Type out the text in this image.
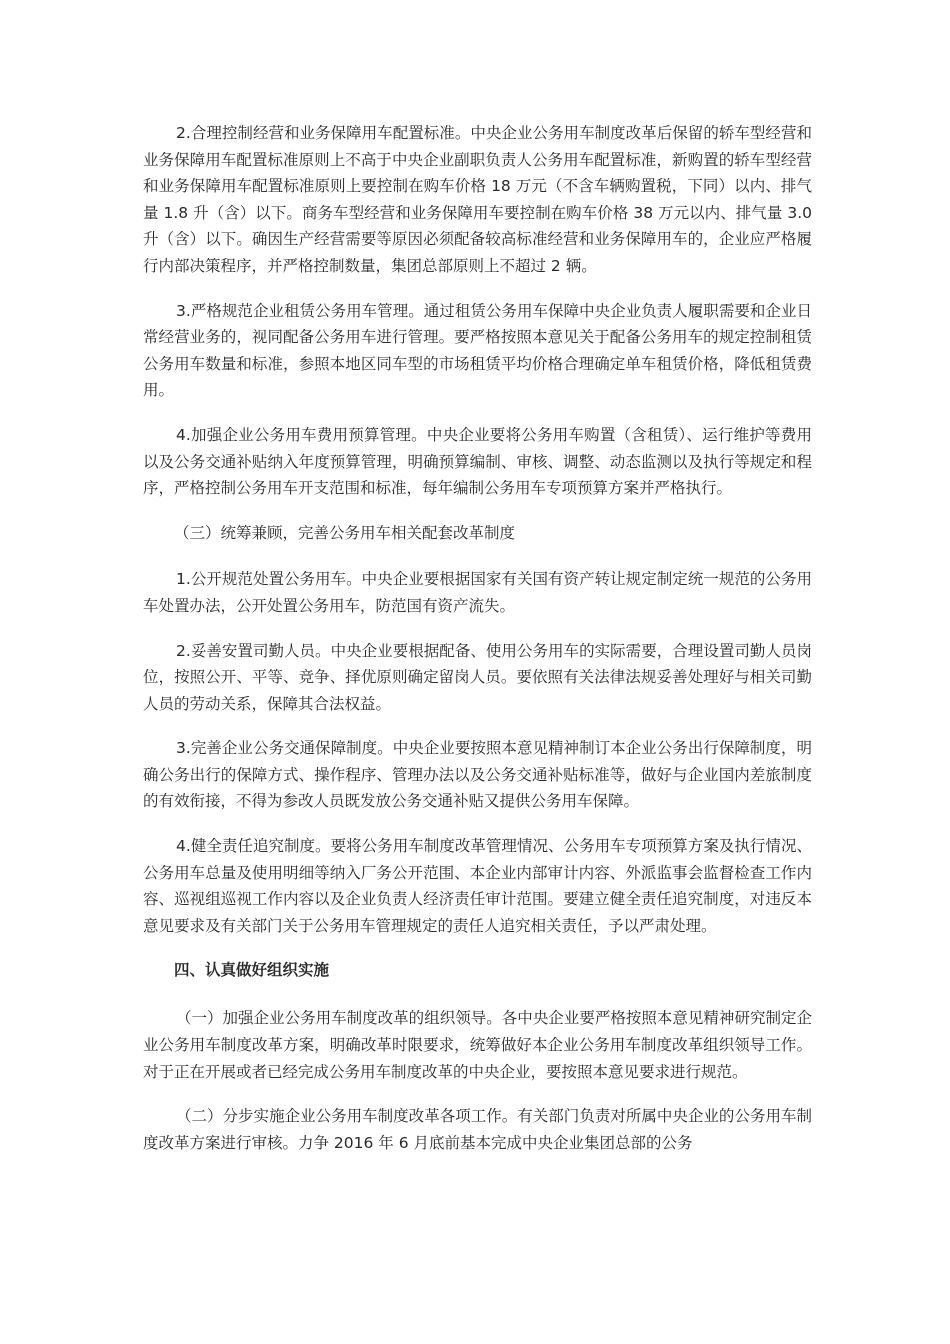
2.合理控制经营和业务保障用车配置标准。中央企业公务用车制度改革后保留的轿车型经营和业务保障用车配置标准原则上不高于中央企业副职负责人公务用车配置标准，新购置的轿车型经营和业务保障用车配置标准原则上要控制在购车价格 18 万元（不含车辆购置税，下同）以内、排气量 1.8 升（含）以下。商务车型经营和业务保障用车要控制在购车价格 38 万元以内、排气量 3.0 升（含）以下。确因生产经营需要等原因必须配备较高标准经营和业务保障用车的，企业应严格履行内部决策程序，并严格控制数量，集团总部原则上不超过 2 辆。

3.严格规范企业租赁公务用车管理。通过租赁公务用车保障中央企业负责人履职需要和企业日常经营业务的，视同配备公务用车进行管理。要严格按照本意见关于配备公务用车的规定控制租赁公务用车数量和标准，参照本地区同车型的市场租赁平均价格合理确定单车租赁价格，降低租赁费用。

4.加强企业公务用车费用预算管理。中央企业要将公务用车购置（含租赁）、运行维护等费用以及公务交通补贴纳入年度预算管理，明确预算编制、审核、调整、动态监测以及执行等规定和程序，严格控制公务用车开支范围和标准，每年编制公务用车专项预算方案并严格执行。

（三）统筹兼顾，完善公务用车相关配套改革制度

1.公开规范处置公务用车。中央企业要根据国家有关国有资产转让规定制定统一规范的公务用车处置办法，公开处置公务用车，防范国有资产流失。

2.妥善安置司勤人员。中央企业要根据配备、使用公务用车的实际需要，合理设置司勤人员岗位，按照公开、平等、竞争、择优原则确定留岗人员。要依照有关法律法规妥善处理好与相关司勤人员的劳动关系，保障其合法权益。

3.完善企业公务交通保障制度。中央企业要按照本意见精神制订本企业公务出行保障制度，明确公务出行的保障方式、操作程序、管理办法以及公务交通补贴标准等，做好与企业国内差旅制度的有效衔接，不得为参改人员既发放公务交通补贴又提供公务用车保障。

4.健全责任追究制度。要将公务用车制度改革管理情况、公务用车专项预算方案及执行情况、公务用车总量及使用明细等纳入厂务公开范围、本企业内部审计内容、外派监事会监督检查工作内容、巡视组巡视工作内容以及企业负责人经济责任审计范围。要建立健全责任追究制度，对违反本意见要求及有关部门关于公务用车管理规定的责任人追究相关责任，予以严肃处理。

四、认真做好组织实施

（一）加强企业公务用车制度改革的组织领导。各中央企业要严格按照本意见精神研究制定企业公务用车制度改革方案，明确改革时限要求，统筹做好本企业公务用车制度改革组织领导工作。对于正在开展或者已经完成公务用车制度改革的中央企业，要按照本意见要求进行规范。

（二）分步实施企业公务用车制度改革各项工作。有关部门负责对所属中央企业的公务用车制度改革方案进行审核。力争 2016 年 6 月底前基本完成中央企业集团总部的公务
